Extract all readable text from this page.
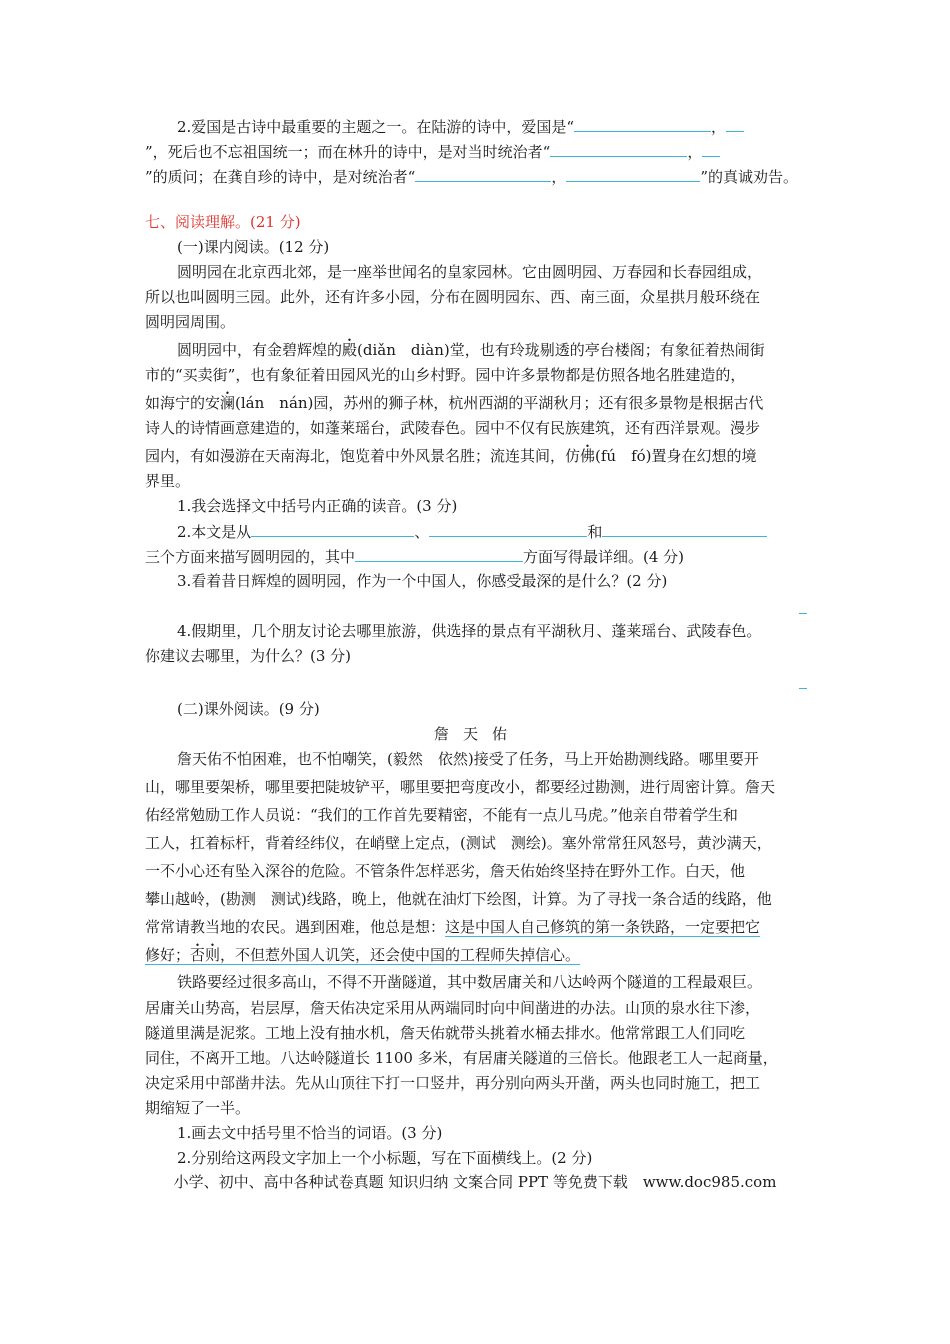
2.爱国是古诗中最重要的主题之一。在陆游的诗中，爱国是“	，
”，死后也不忘祖国统一；而在林升的诗中，是对当时统治者“	，
”的质问；在龚自珍的诗中，是对统治者“	，	”的真诚劝告。
七、阅读理解。(21 分)
(一)课内阅读。(12 分)
圆明园在北京西北郊，是一座举世闻名的皇家园林。它由圆明园、万春园和长春园组成，
所以也叫圆明三园。此外，还有许多小园，分布在圆明园东、西、南三面，众星拱月般环绕在
圆明园周围。
圆明园中，有金碧辉煌的殿(diǎn　diàn)堂，也有玲珑剔透的亭台楼阁；有象征着热闹街
市的“买卖街”，也有象征着田园风光的山乡村野。园中许多景物都是仿照各地名胜建造的，
如海宁的安澜(lán　nán)园，苏州的狮子林，杭州西湖的平湖秋月；还有很多景物是根据古代
诗人的诗情画意建造的，如蓬莱瑶台，武陵春色。园中不仅有民族建筑，还有西洋景观。漫步
园内，有如漫游在天南海北，饱览着中外风景名胜；流连其间，仿佛(fú　fó)置身在幻想的境
界里。
1.我会选择文中括号内正确的读音。(3 分)
2.本文是从	、	和
三个方面来描写圆明园的，其中	方面写得最详细。(4 分)
3.看着昔日辉煌的圆明园，作为一个中国人，你感受最深的是什么？(2 分)
4.假期里，几个朋友讨论去哪里旅游，供选择的景点有平湖秋月、蓬莱瑶台、武陵春色。
你建议去哪里，为什么？(3 分)
(二)课外阅读。(9 分)
詹天佑
詹天佑不怕困难，也不怕嘲笑，(毅然　依然)接受了任务，马上开始勘测线路。哪里要开
山，哪里要架桥，哪里要把陡坡铲平，哪里要把弯度改小，都要经过勘测，进行周密计算。詹天
佑经常勉励工作人员说：“我们的工作首先要精密，不能有一点儿马虎。”他亲自带着学生和
工人，扛着标杆，背着经纬仪，在峭壁上定点，(测试　测绘)。塞外常常狂风怒号，黄沙满天，
一不小心还有坠入深谷的危险。不管条件怎样恶劣，詹天佑始终坚持在野外工作。白天，他
攀山越岭，(勘测　测试)线路，晚上，他就在油灯下绘图，计算。为了寻找一条合适的线路，他
常常请教当地的农民。遇到困难，他总是想：这是中国人自己修筑的第一条铁路，一定要把它
修好；否则，不但惹外国人讥笑，还会使中国的工程师失掉信心。
铁路要经过很多高山，不得不开凿隧道，其中数居庸关和八达岭两个隧道的工程最艰巨。
居庸关山势高，岩层厚，詹天佑决定采用从两端同时向中间凿进的办法。山顶的泉水往下渗，
隧道里满是泥浆。工地上没有抽水机，詹天佑就带头挑着水桶去排水。他常常跟工人们同吃
同住，不离开工地。八达岭隧道长 1100 多米，有居庸关隧道的三倍长。他跟老工人一起商量，
决定采用中部凿井法。先从山顶往下打一口竖井，再分别向两头开凿，两头也同时施工，把工
期缩短了一半。
1.画去文中括号里不恰当的词语。(3 分)
2.分别给这两段文字加上一个小标题，写在下面横线上。(2 分)
小学、初中、高中各种试卷真题 知识归纳 文案合同 PPT 等免费下载　www.doc985.com
